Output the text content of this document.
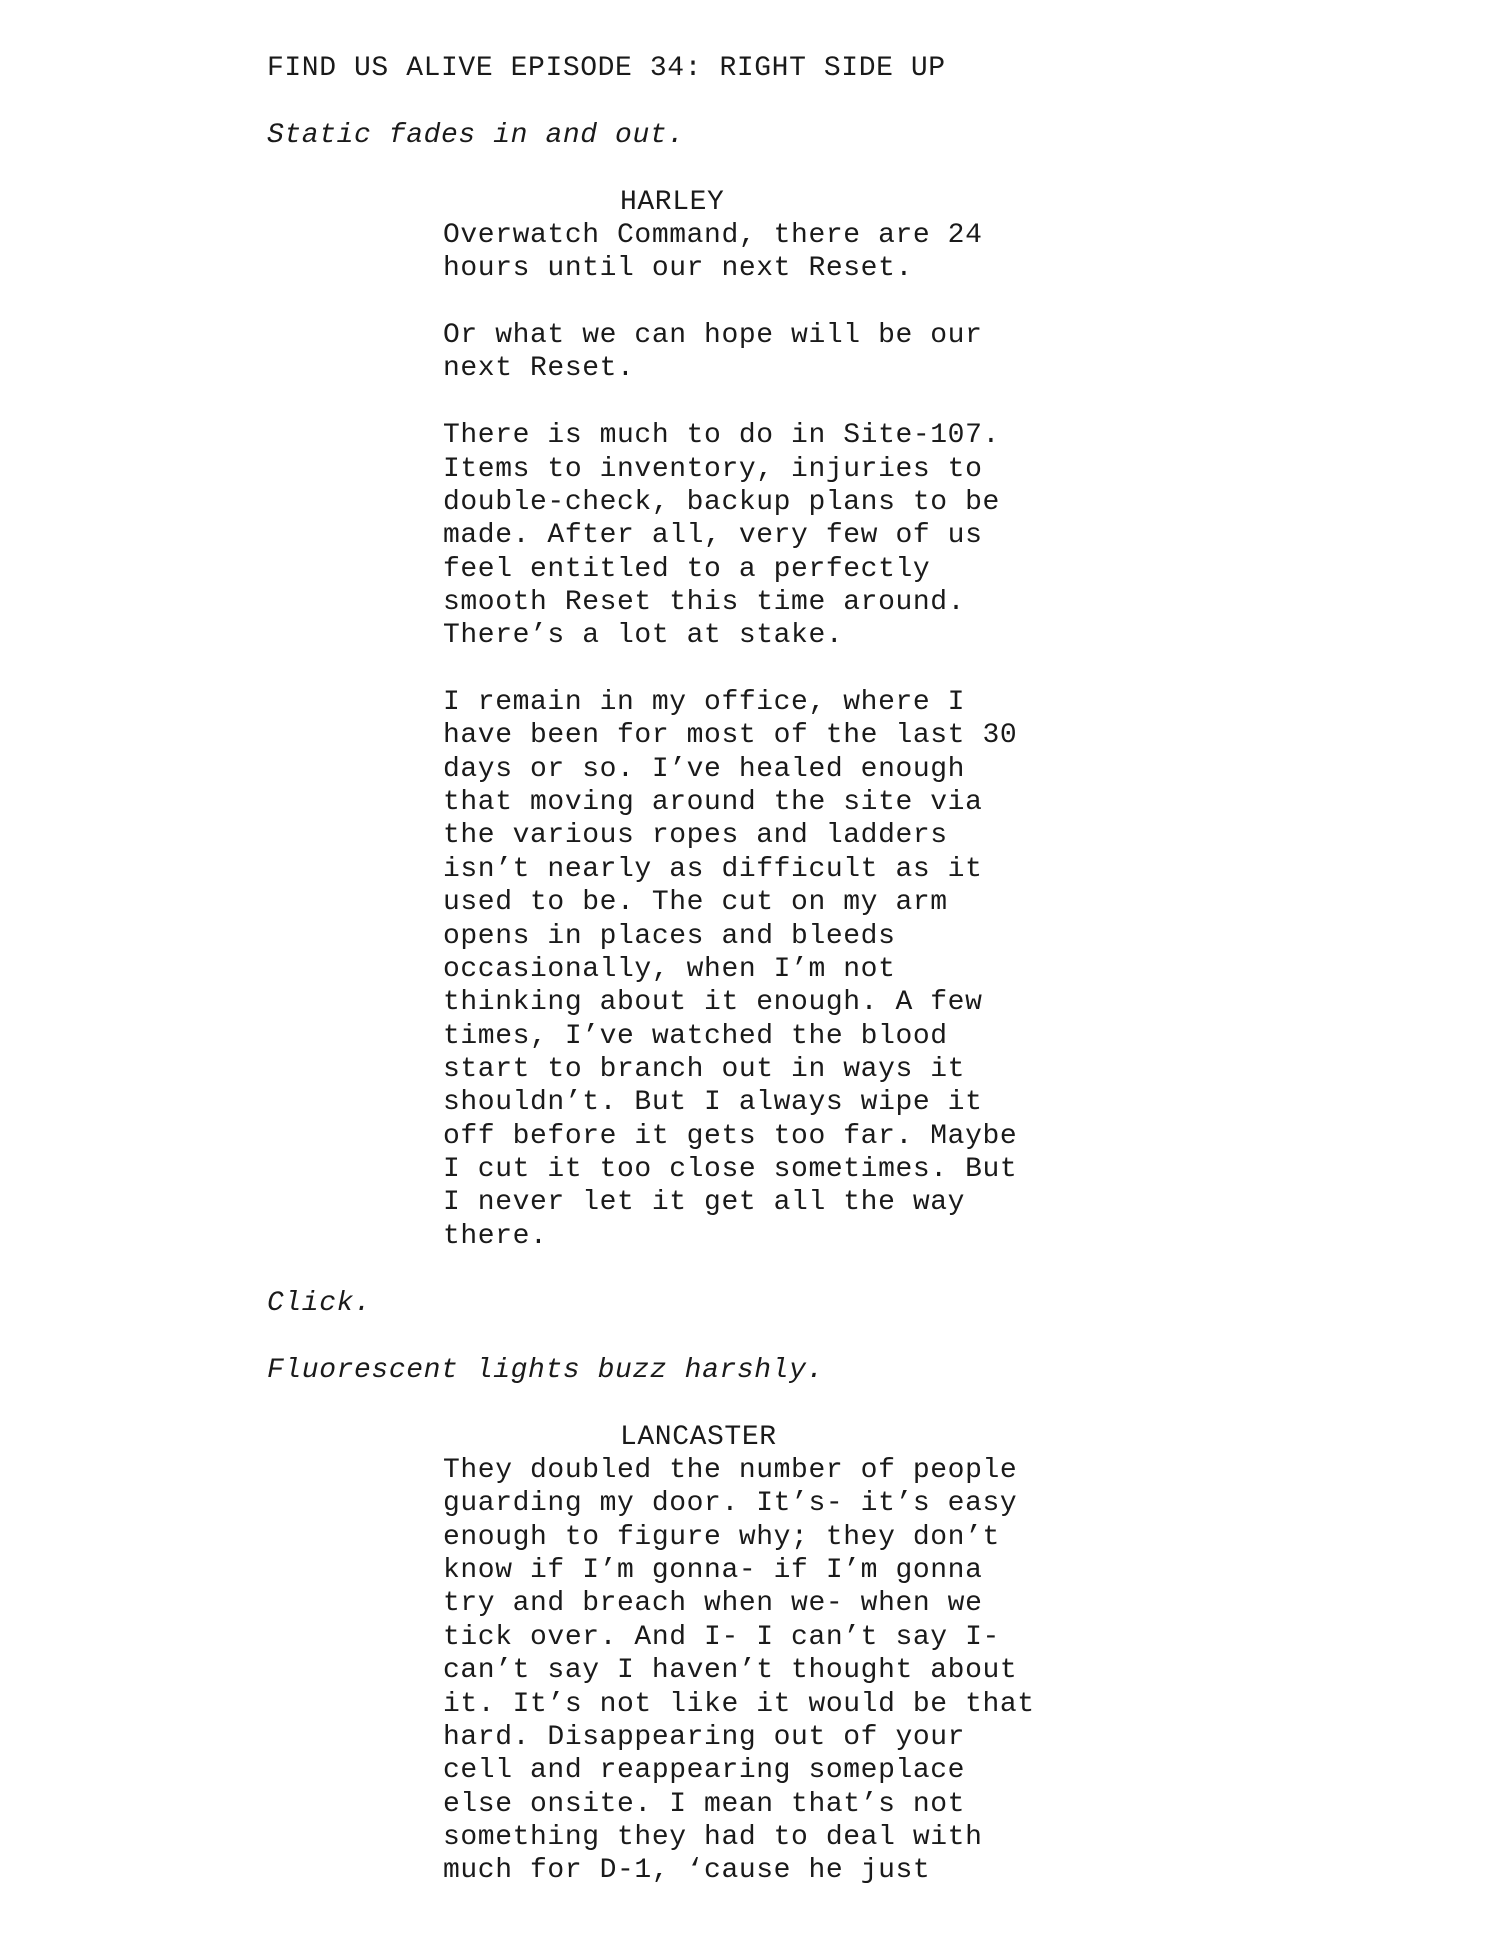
FIND US ALIVE EPISODE 34: RIGHT SIDE UP
Static fades in and out.
HARLEY
Overwatch Command, there are 24
hours until our next Reset.
Or what we can hope will be our
next Reset.
There is much to do in Site-107.
Items to inventory, injuries to
double-check, backup plans to be
made. After all, very few of us
feel entitled to a perfectly
smooth Reset this time around.
There’s a lot at stake.
I remain in my office, where I
have been for most of the last 30
days or so. I’ve healed enough
that moving around the site via
the various ropes and ladders
isn’t nearly as difficult as it
used to be. The cut on my arm
opens in places and bleeds
occasionally, when I’m not
thinking about it enough. A few
times, I’ve watched the blood
start to branch out in ways it
shouldn’t. But I always wipe it
off before it gets too far. Maybe
I cut it too close sometimes. But
I never let it get all the way
there.
Click.
Fluorescent lights buzz harshly.
LANCASTER
They doubled the number of people
guarding my door. It’s- it’s easy
enough to figure why; they don’t
know if I’m gonna- if I’m gonna
try and breach when we- when we
tick over. And I- I can’t say I-
can’t say I haven’t thought about
it. It’s not like it would be that
hard. Disappearing out of your
cell and reappearing someplace
else onsite. I mean that’s not
something they had to deal with
much for D-1, ‘cause he just
